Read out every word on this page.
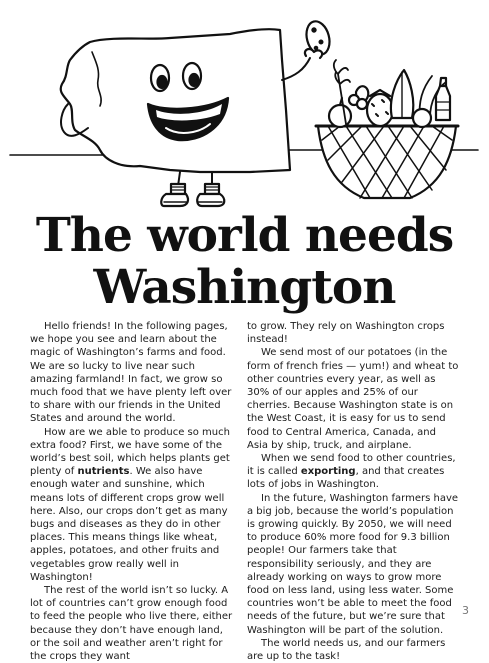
The world needs
Washington

Hello friends! In the following pages, we hope you see and learn about the magic of Washington’s farms and food. We are so lucky to live near such amazing farmland! In fact, we grow so much food that we have plenty left over to share with our friends in the United States and around the world.

How are we able to produce so much extra food? First, we have some of the world’s best soil, which helps plants get plenty of nutrients. We also have enough water and sunshine, which means lots of different crops grow well here. Also, our crops don’t get as many bugs and diseases as they do in other places. This means things like wheat, apples, potatoes, and other fruits and vegetables grow really well in Washington!

The rest of the world isn’t so lucky. A lot of countries can’t grow enough food to feed the people who live there, either because they don’t have enough land, or the soil and weather aren’t right for the crops they want

to grow. They rely on Washington crops instead!

We send most of our potatoes (in the form of french fries — yum!) and wheat to other countries every year, as well as 30% of our apples and 25% of our cherries. Because Washington state is on the West Coast, it is easy for us to send food to Central America, Canada, and Asia by ship, truck, and airplane.

When we send food to other countries, it is called exporting, and that creates lots of jobs in Washington.

In the future, Washington farmers have a big job, because the world’s population is growing quickly. By 2050, we will need to produce 60% more food for 9.3 billion people! Our farmers take that responsibility seriously, and they are already working on ways to grow more food on less land, using less water. Some countries won’t be able to meet the food needs of the future, but we’re sure that Washington will be part of the solution.

The world needs us, and our farmers are up to the task!

3
